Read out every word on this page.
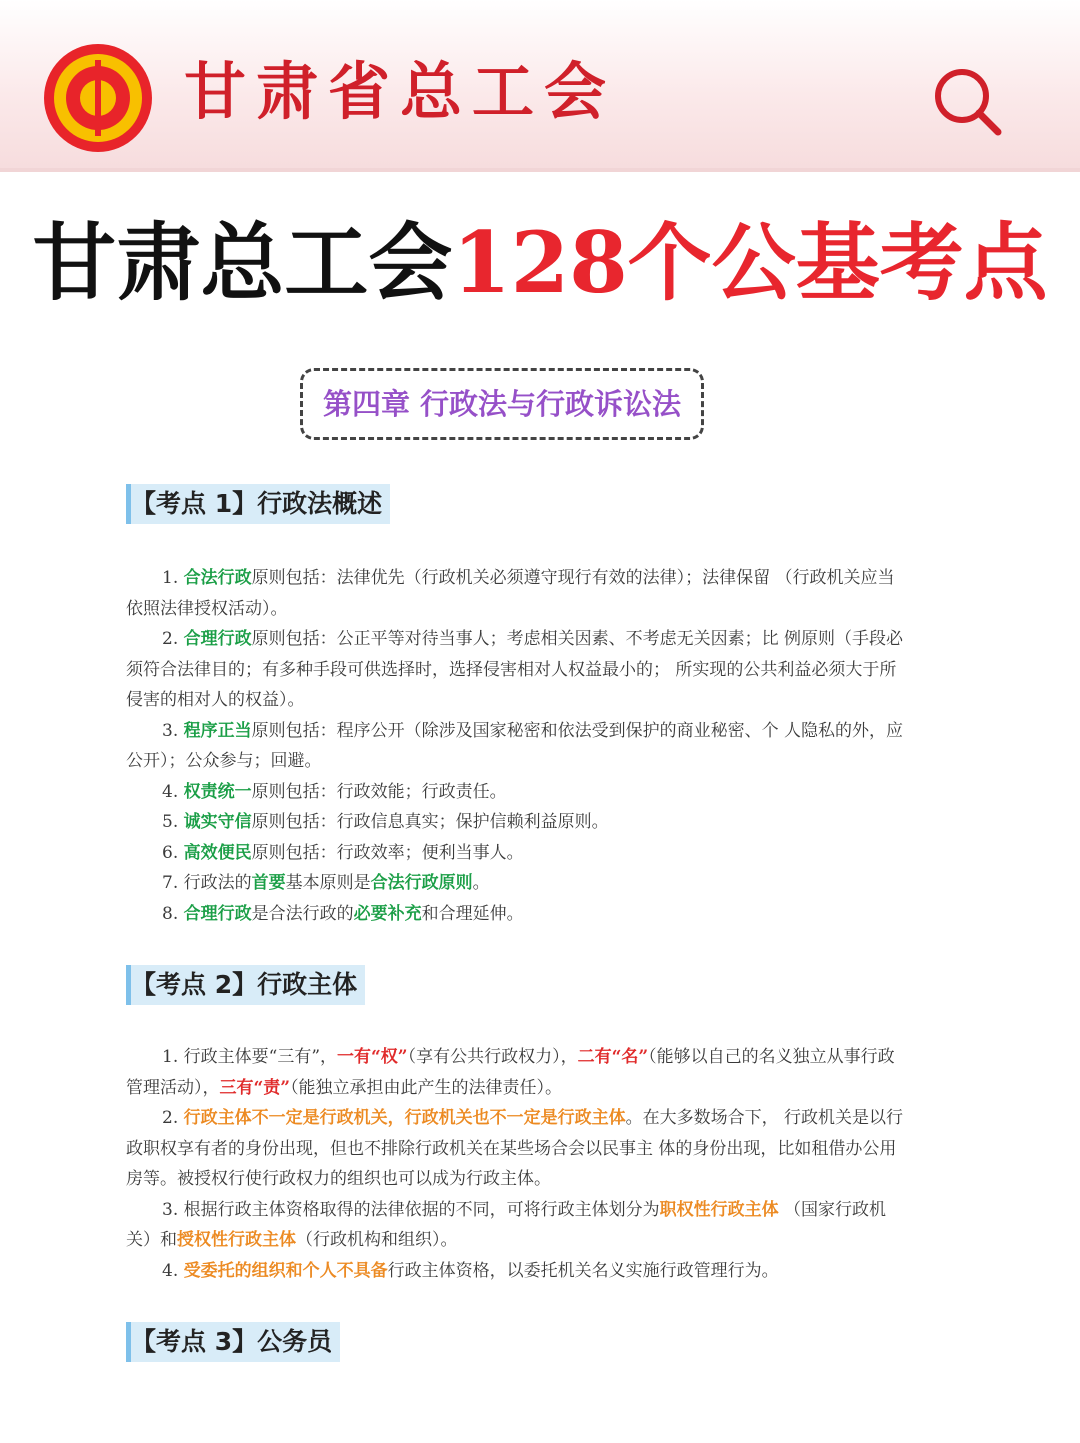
甘肃省总工会
甘肃总工会128个公基考点
第四章 行政法与行政诉讼法
【考点 1】行政法概述

1. 合法行政原则包括：法律优先（行政机关必须遵守现行有效的法律）；法律保留 （行政机关应当依照法律授权活动）。

2. 合理行政原则包括：公正平等对待当事人；考虑相关因素、不考虑无关因素；比 例原则（手段必须符合法律目的；有多种手段可供选择时，选择侵害相对人权益最小的； 所实现的公共利益必须大于所侵害的相对人的权益）。

3. 程序正当原则包括：程序公开（除涉及国家秘密和依法受到保护的商业秘密、个 人隐私的外，应公开）；公众参与；回避。

4. 权责统一原则包括：行政效能；行政责任。

5. 诚实守信原则包括：行政信息真实；保护信赖利益原则。

6. 高效便民原则包括：行政效率；便利当事人。

7. 行政法的首要基本原则是合法行政原则。

8. 合理行政是合法行政的必要补充和合理延伸。

【考点 2】行政主体

1. 行政主体要“三有”，一有“权”（享有公共行政权力），二有“名”（能够以自己的名义独立从事行政管理活动），三有“责”（能独立承担由此产生的法律责任）。

2. 行政主体不一定是行政机关，行政机关也不一定是行政主体。在大多数场合下， 行政机关是以行政职权享有者的身份出现，但也不排除行政机关在某些场合会以民事主 体的身份出现，比如租借办公用房等。被授权行使行政权力的组织也可以成为行政主体。

3. 根据行政主体资格取得的法律依据的不同，可将行政主体划分为职权性行政主体 （国家行政机关）和授权性行政主体（行政机构和组织）。

4. 受委托的组织和个人不具备行政主体资格，以委托机关名义实施行政管理行为。

【考点 3】公务员
